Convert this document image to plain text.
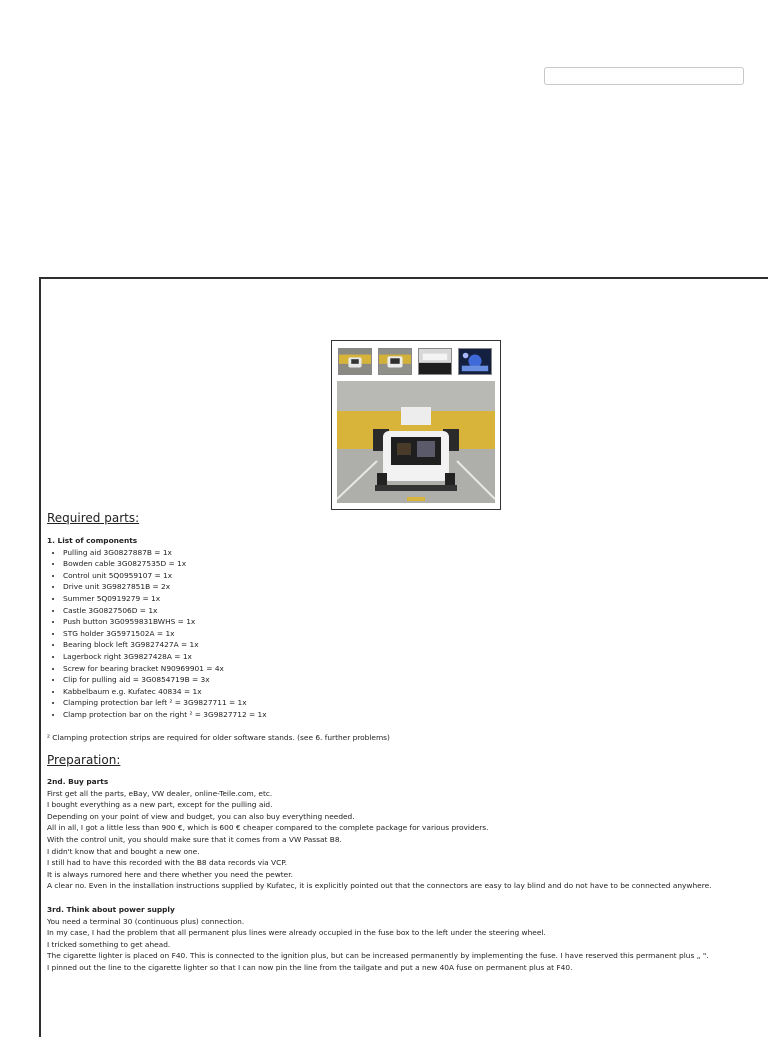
Required parts:

1. List of components

• Pulling aid 3G0827887B = 1x
• Bowden cable 3G0827535D = 1x
• Control unit 5Q0959107 = 1x
• Drive unit 3G9827851B = 2x
• Summer 5Q0919279 = 1x
• Castle 3G0827506D = 1x
• Push button 3G0959831BWHS = 1x
• STG holder 3G5971502A = 1x
• Bearing block left 3G9827427A = 1x
• Lagerbock right 3G9827428A = 1x
• Screw for bearing bracket N90969901 = 4x
• Clip for pulling aid = 3G0854719B = 3x
• Kabbelbaum e.g. Kufatec 40834 = 1x
• Clamping protection bar left ² = 3G9827711 = 1x
• Clamp protection bar on the right ² = 3G9827712 = 1x

² Clamping protection strips are required for older software stands. (see 6. further problems)

Preparation:

2nd. Buy parts

First get all the parts, eBay, VW dealer, online-Teile.com, etc.

I bought everything as a new part, except for the pulling aid.

Depending on your point of view and budget, you can also buy everything needed.

All in all, I got a little less than 900 €, which is 600 € cheaper compared to the complete package for various providers.

With the control unit, you should make sure that it comes from a VW Passat B8.

I didn't know that and bought a new one.

I still had to have this recorded with the B8 data records via VCP.

It is always rumored here and there whether you need the pewter.

A clear no. Even in the installation instructions supplied by Kufatec, it is explicitly pointed out that the connectors are easy to lay blind and do not have to be connected anywhere.

3rd. Think about power supply

You need a terminal 30 (continuous plus) connection.

In my case, I had the problem that all permanent plus lines were already occupied in the fuse box to the left under the steering wheel.

I tricked something to get ahead.

The cigarette lighter is placed on F40. This is connected to the ignition plus, but can be increased permanently by implementing the fuse. I have reserved this permanent plus „ ".

I pinned out the line to the cigarette lighter so that I can now pin the line from the tailgate and put a new 40A fuse on permanent plus at F40.
